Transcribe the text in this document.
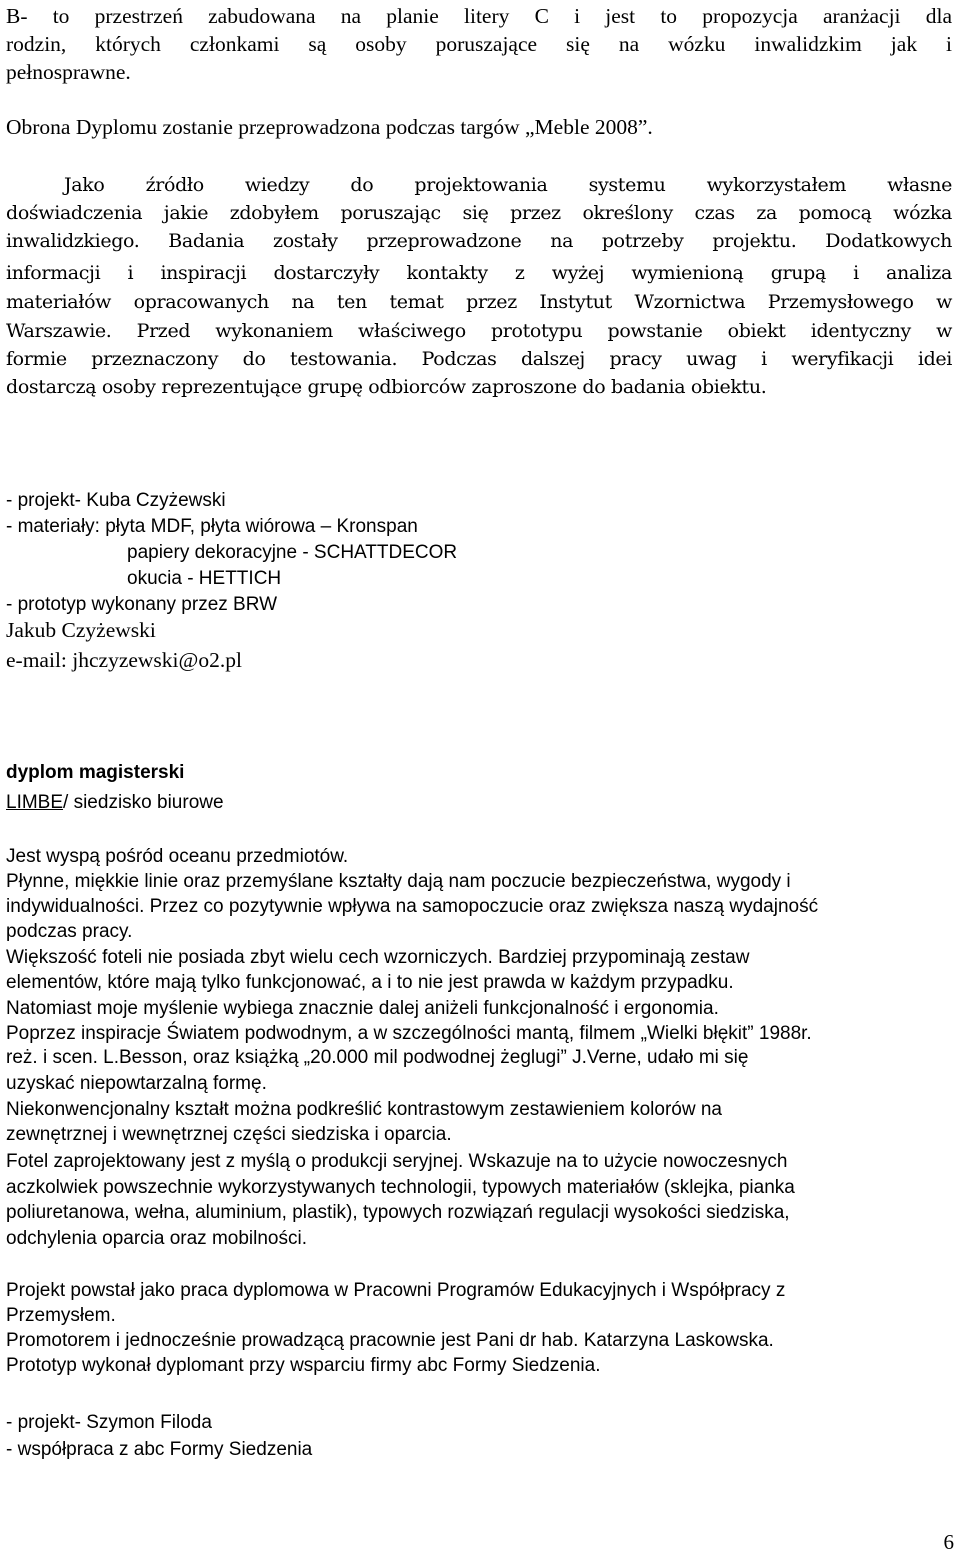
B- to przestrzeń zabudowana na planie litery C i jest to propozycja aranżacji dla

rodzin, których członkami są osoby poruszające się na wózku inwalidzkim jak i

pełnosprawne.

Obrona Dyplomu zostanie przeprowadzona podczas targów „Meble 2008”.

Jako źródło wiedzy do projektowania systemu wykorzystałem własne

doświadczenia jakie zdobyłem poruszając się przez określony czas za pomocą wózka

inwalidzkiego. Badania zostały przeprowadzone na potrzeby projektu. Dodatkowych

informacji i inspiracji dostarczyły kontakty z wyżej wymienioną grupą i analiza

materiałów opracowanych na ten temat przez Instytut Wzornictwa Przemysłowego w

Warszawie. Przed wykonaniem właściwego prototypu powstanie obiekt identyczny w

formie przeznaczony do testowania. Podczas dalszej pracy uwag i weryfikacji idei

dostarczą osoby reprezentujące grupę odbiorców zaproszone do badania obiektu.

- projekt- Kuba Czyżewski

- materiały: płyta MDF, płyta wiórowa – Kronspan

papiery dekoracyjne - SCHATTDECOR

okucia - HETTICH

- prototyp wykonany przez BRW

Jakub Czyżewski

e-mail: jhczyzewski@o2.pl

dyplom magisterski

LIMBE/ siedzisko biurowe

Jest wyspą pośród oceanu przedmiotów.

Płynne, miękkie linie oraz przemyślane kształty dają nam poczucie bezpieczeństwa, wygody i

indywidualności. Przez co pozytywnie wpływa na samopoczucie oraz zwiększa naszą wydajność

podczas pracy.

Większość foteli nie posiada zbyt wielu cech wzorniczych. Bardziej przypominają zestaw

elementów, które mają tylko funkcjonować, a i to nie jest prawda w każdym przypadku.

Natomiast moje myślenie wybiega znacznie dalej aniżeli funkcjonalność i ergonomia.

Poprzez inspiracje Światem podwodnym, a w szczególności mantą, filmem „Wielki błękit” 1988r.

reż. i scen. L.Besson, oraz książką „20.000 mil podwodnej żeglugi” J.Verne, udało mi się

uzyskać niepowtarzalną formę.

Niekonwencjonalny kształt można podkreślić kontrastowym zestawieniem kolorów na

zewnętrznej i wewnętrznej części siedziska i oparcia.

Fotel zaprojektowany jest z myślą o produkcji seryjnej. Wskazuje na to użycie nowoczesnych

aczkolwiek powszechnie wykorzystywanych technologii, typowych materiałów (sklejka, pianka

poliuretanowa, wełna, aluminium, plastik), typowych rozwiązań regulacji wysokości siedziska,

odchylenia oparcia oraz mobilności.

Projekt powstał jako praca dyplomowa w Pracowni Programów Edukacyjnych i Współpracy z

Przemysłem.

Promotorem i jednocześnie prowadzącą pracownie jest Pani dr hab. Katarzyna Laskowska.

Prototyp wykonał dyplomant przy wsparciu firmy abc Formy Siedzenia.

- projekt- Szymon Filoda

- współpraca z abc Formy Siedzenia

6
